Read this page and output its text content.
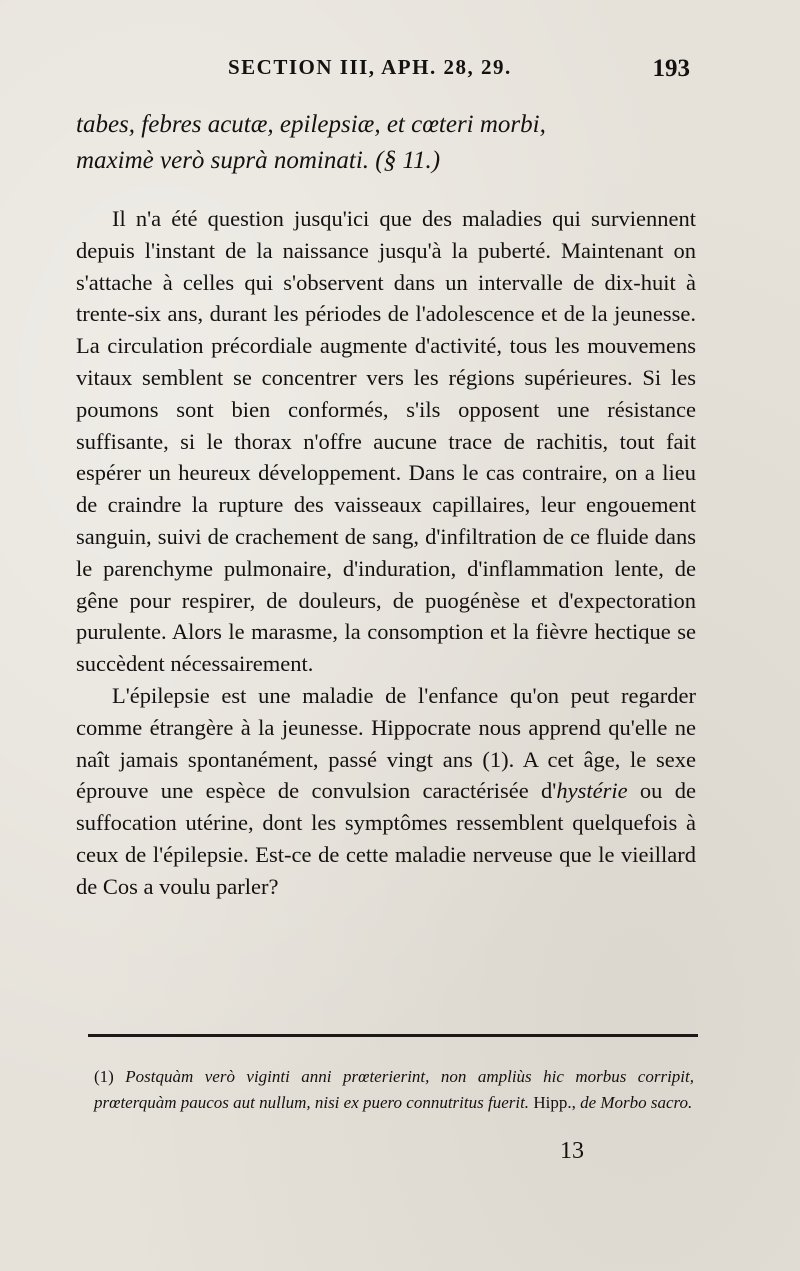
SECTION III, APH. 28, 29.	193

tabes, febres acutæ, epilepsiæ, et cœteri morbi,

maximè verò suprà nominati. (§ 11.)

Il n'a été question jusqu'ici que des maladies qui surviennent depuis l'instant de la naissance jusqu'à la puberté. Maintenant on s'attache à celles qui s'observent dans un intervalle de dix-huit à trente-six ans, durant les périodes de l'adolescence et de la jeunesse. La circulation précordiale augmente d'activité, tous les mouvemens vitaux semblent se concentrer vers les régions supérieures. Si les poumons sont bien conformés, s'ils opposent une résistance suffisante, si le thorax n'offre aucune trace de rachitis, tout fait espérer un heureux développement. Dans le cas contraire, on a lieu de craindre la rupture des vaisseaux capillaires, leur engouement sanguin, suivi de crachement de sang, d'infiltration de ce fluide dans le parenchyme pulmonaire, d'induration, d'inflammation lente, de gêne pour respirer, de douleurs, de puogénèse et d'expectoration purulente. Alors le marasme, la consomption et la fièvre hectique se succèdent nécessairement.

L'épilepsie est une maladie de l'enfance qu'on peut regarder comme étrangère à la jeunesse. Hippocrate nous apprend qu'elle ne naît jamais spontanément, passé vingt ans (1). A cet âge, le sexe éprouve une espèce de convulsion caractérisée d'hystérie ou de suffocation utérine, dont les symptômes ressemblent quelquefois à ceux de l'épilepsie. Est-ce de cette maladie nerveuse que le vieillard de Cos a voulu parler?

(1) Postquàm verò viginti anni prœterierint, non ampliùs hic morbus corripit, prœterquàm paucos aut nullum, nisi ex puero connutritus fuerit. Hipp., de Morbo sacro.

13
